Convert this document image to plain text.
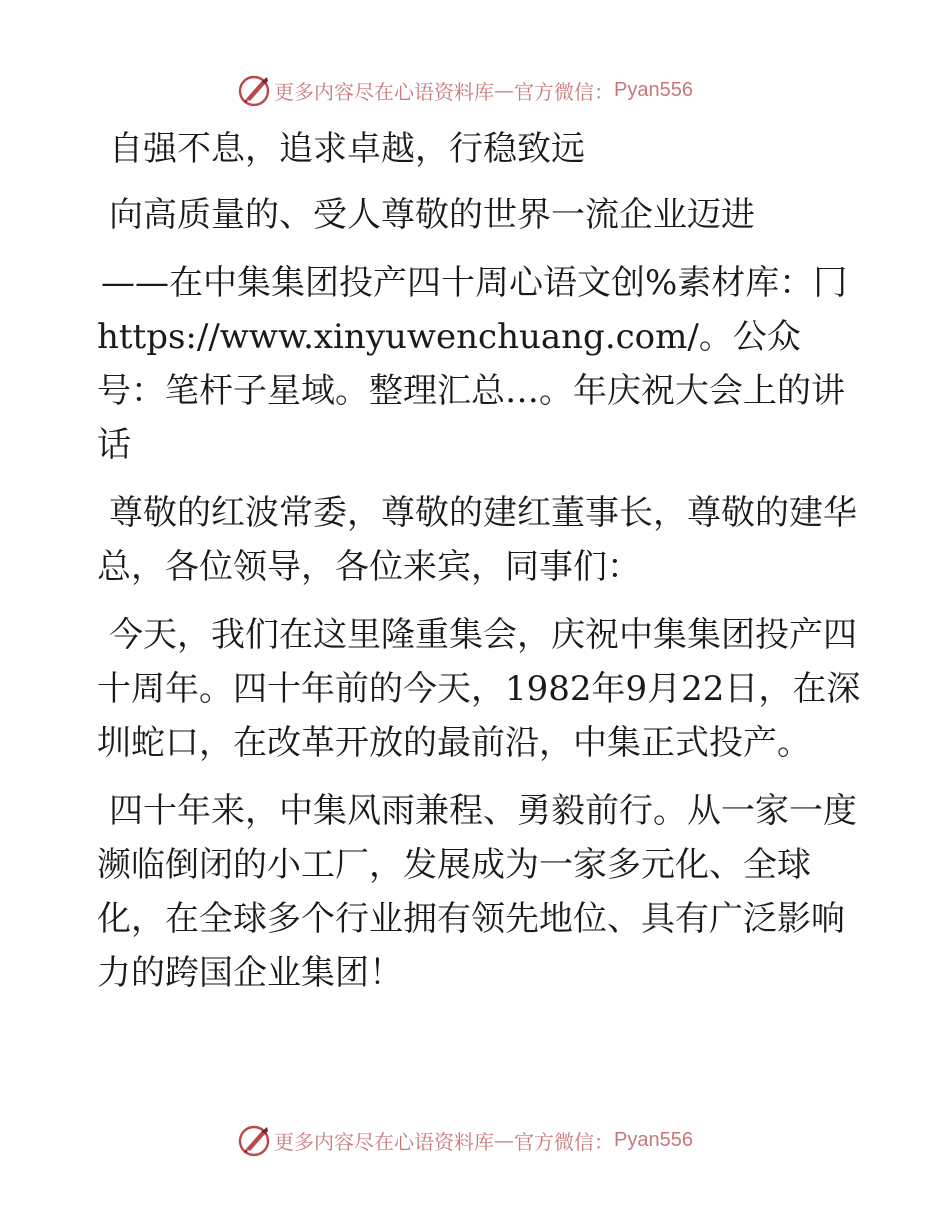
更多内容尽在心语资料库 — 官方微信： Pyan556

自强不息，追求卓越，行稳致远

向高质量的、受人尊敬的世界一流企业迈进

——在中集集团投产四十周心语文创%素材库：冂 https://www.xinyuwenchuang.com/。公众号：笔杆子星域。整理汇总…。年庆祝大会上的讲话

尊敬的红波常委，尊敬的建红董事长，尊敬的建华总，各位领导，各位来宾，同事们：

今天，我们在这里隆重集会，庆祝中集集团投产四十周年。四十年前的今天，1982年9月22日，在深圳蛇口，在改革开放的最前沿，中集正式投产。

四十年来，中集风雨兼程、勇毅前行。从一家一度濒临倒闭的小工厂，发展成为一家多元化、全球化，在全球多个行业拥有领先地位、具有广泛影响力的跨国企业集团！

更多内容尽在心语资料库 — 官方微信： Pyan556
